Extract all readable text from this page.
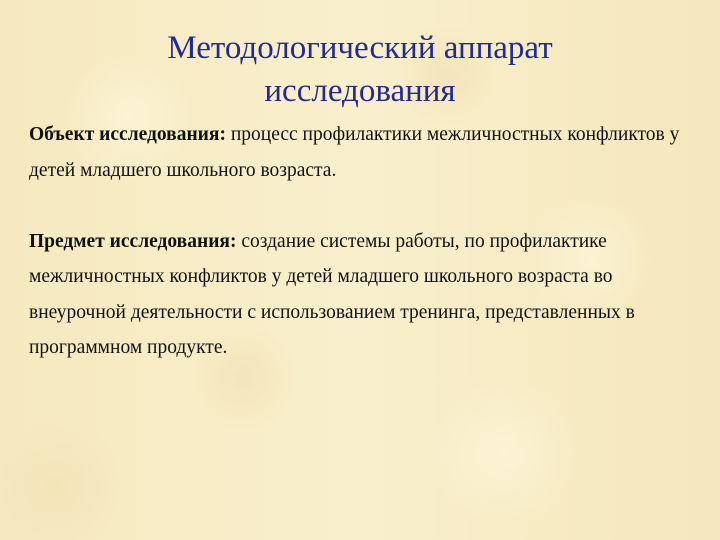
Методологический аппарат
исследования

Объект исследования: процесс профилактики межличностных конфликтов у детей младшего школьного возраста.

Предмет исследования: создание системы работы, по профилактике межличностных конфликтов у детей младшего школьного возраста во внеурочной деятельности с использованием тренинга, представленных в программном продукте.
